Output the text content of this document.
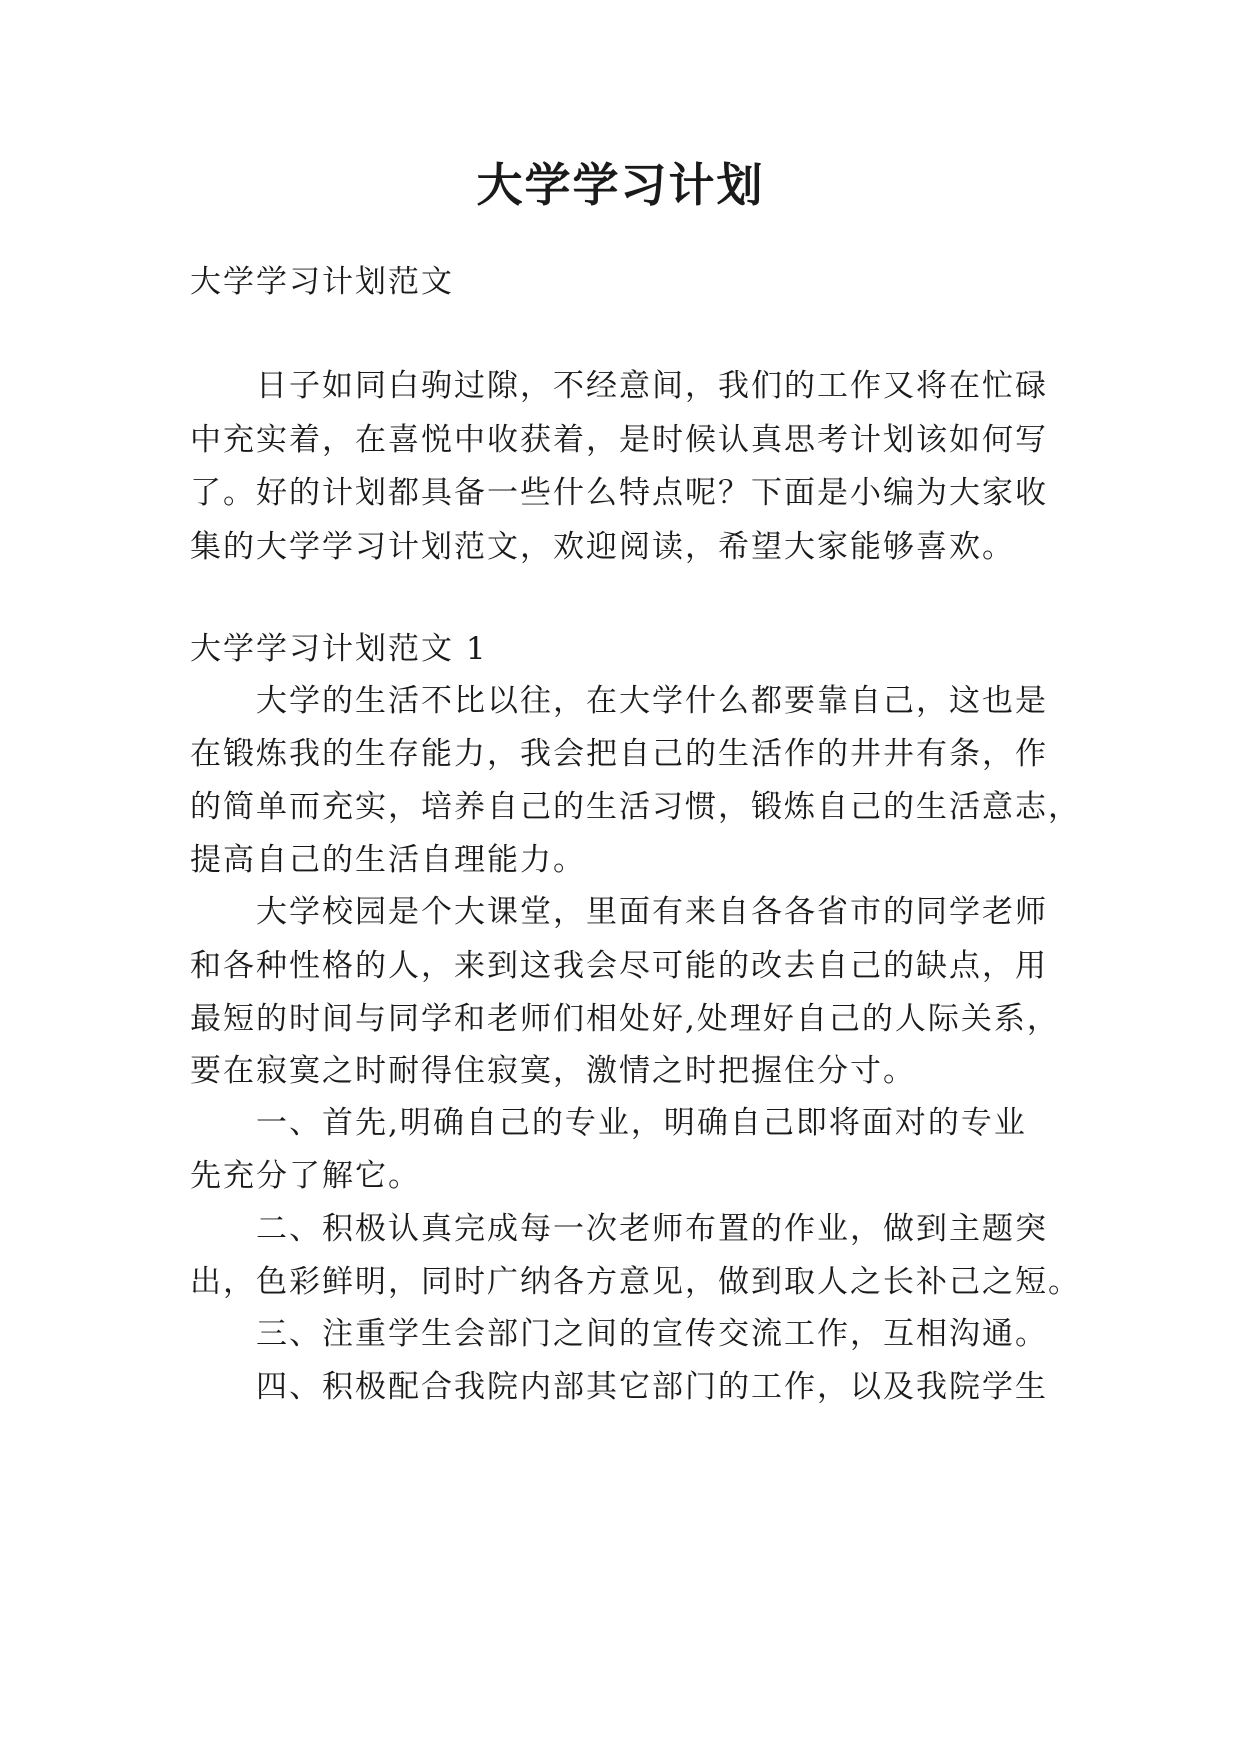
大学学习计划
大学学习计划范文
日子如同白驹过隙，不经意间，我们的工作又将在忙碌
中充实着，在喜悦中收获着，是时候认真思考计划该如何写
了。好的计划都具备一些什么特点呢？下面是小编为大家收
集的大学学习计划范文，欢迎阅读，希望大家能够喜欢。
大学学习计划范文 1
大学的生活不比以往，在大学什么都要靠自己，这也是
在锻炼我的生存能力，我会把自己的生活作的井井有条，作
的简单而充实，培养自己的生活习惯，锻炼自己的生活意志，
提高自己的生活自理能力。
大学校园是个大课堂，里面有来自各各省市的同学老师
和各种性格的人，来到这我会尽可能的改去自己的缺点，用
最短的时间与同学和老师们相处好,处理好自己的人际关系，
要在寂寞之时耐得住寂寞，激情之时把握住分寸。
一、首先,明确自己的专业，明确自己即将面对的专业
先充分了解它。
二、积极认真完成每一次老师布置的作业，做到主题突
出，色彩鲜明，同时广纳各方意见，做到取人之长补己之短。
三、注重学生会部门之间的宣传交流工作，互相沟通。
四、积极配合我院内部其它部门的工作，以及我院学生
